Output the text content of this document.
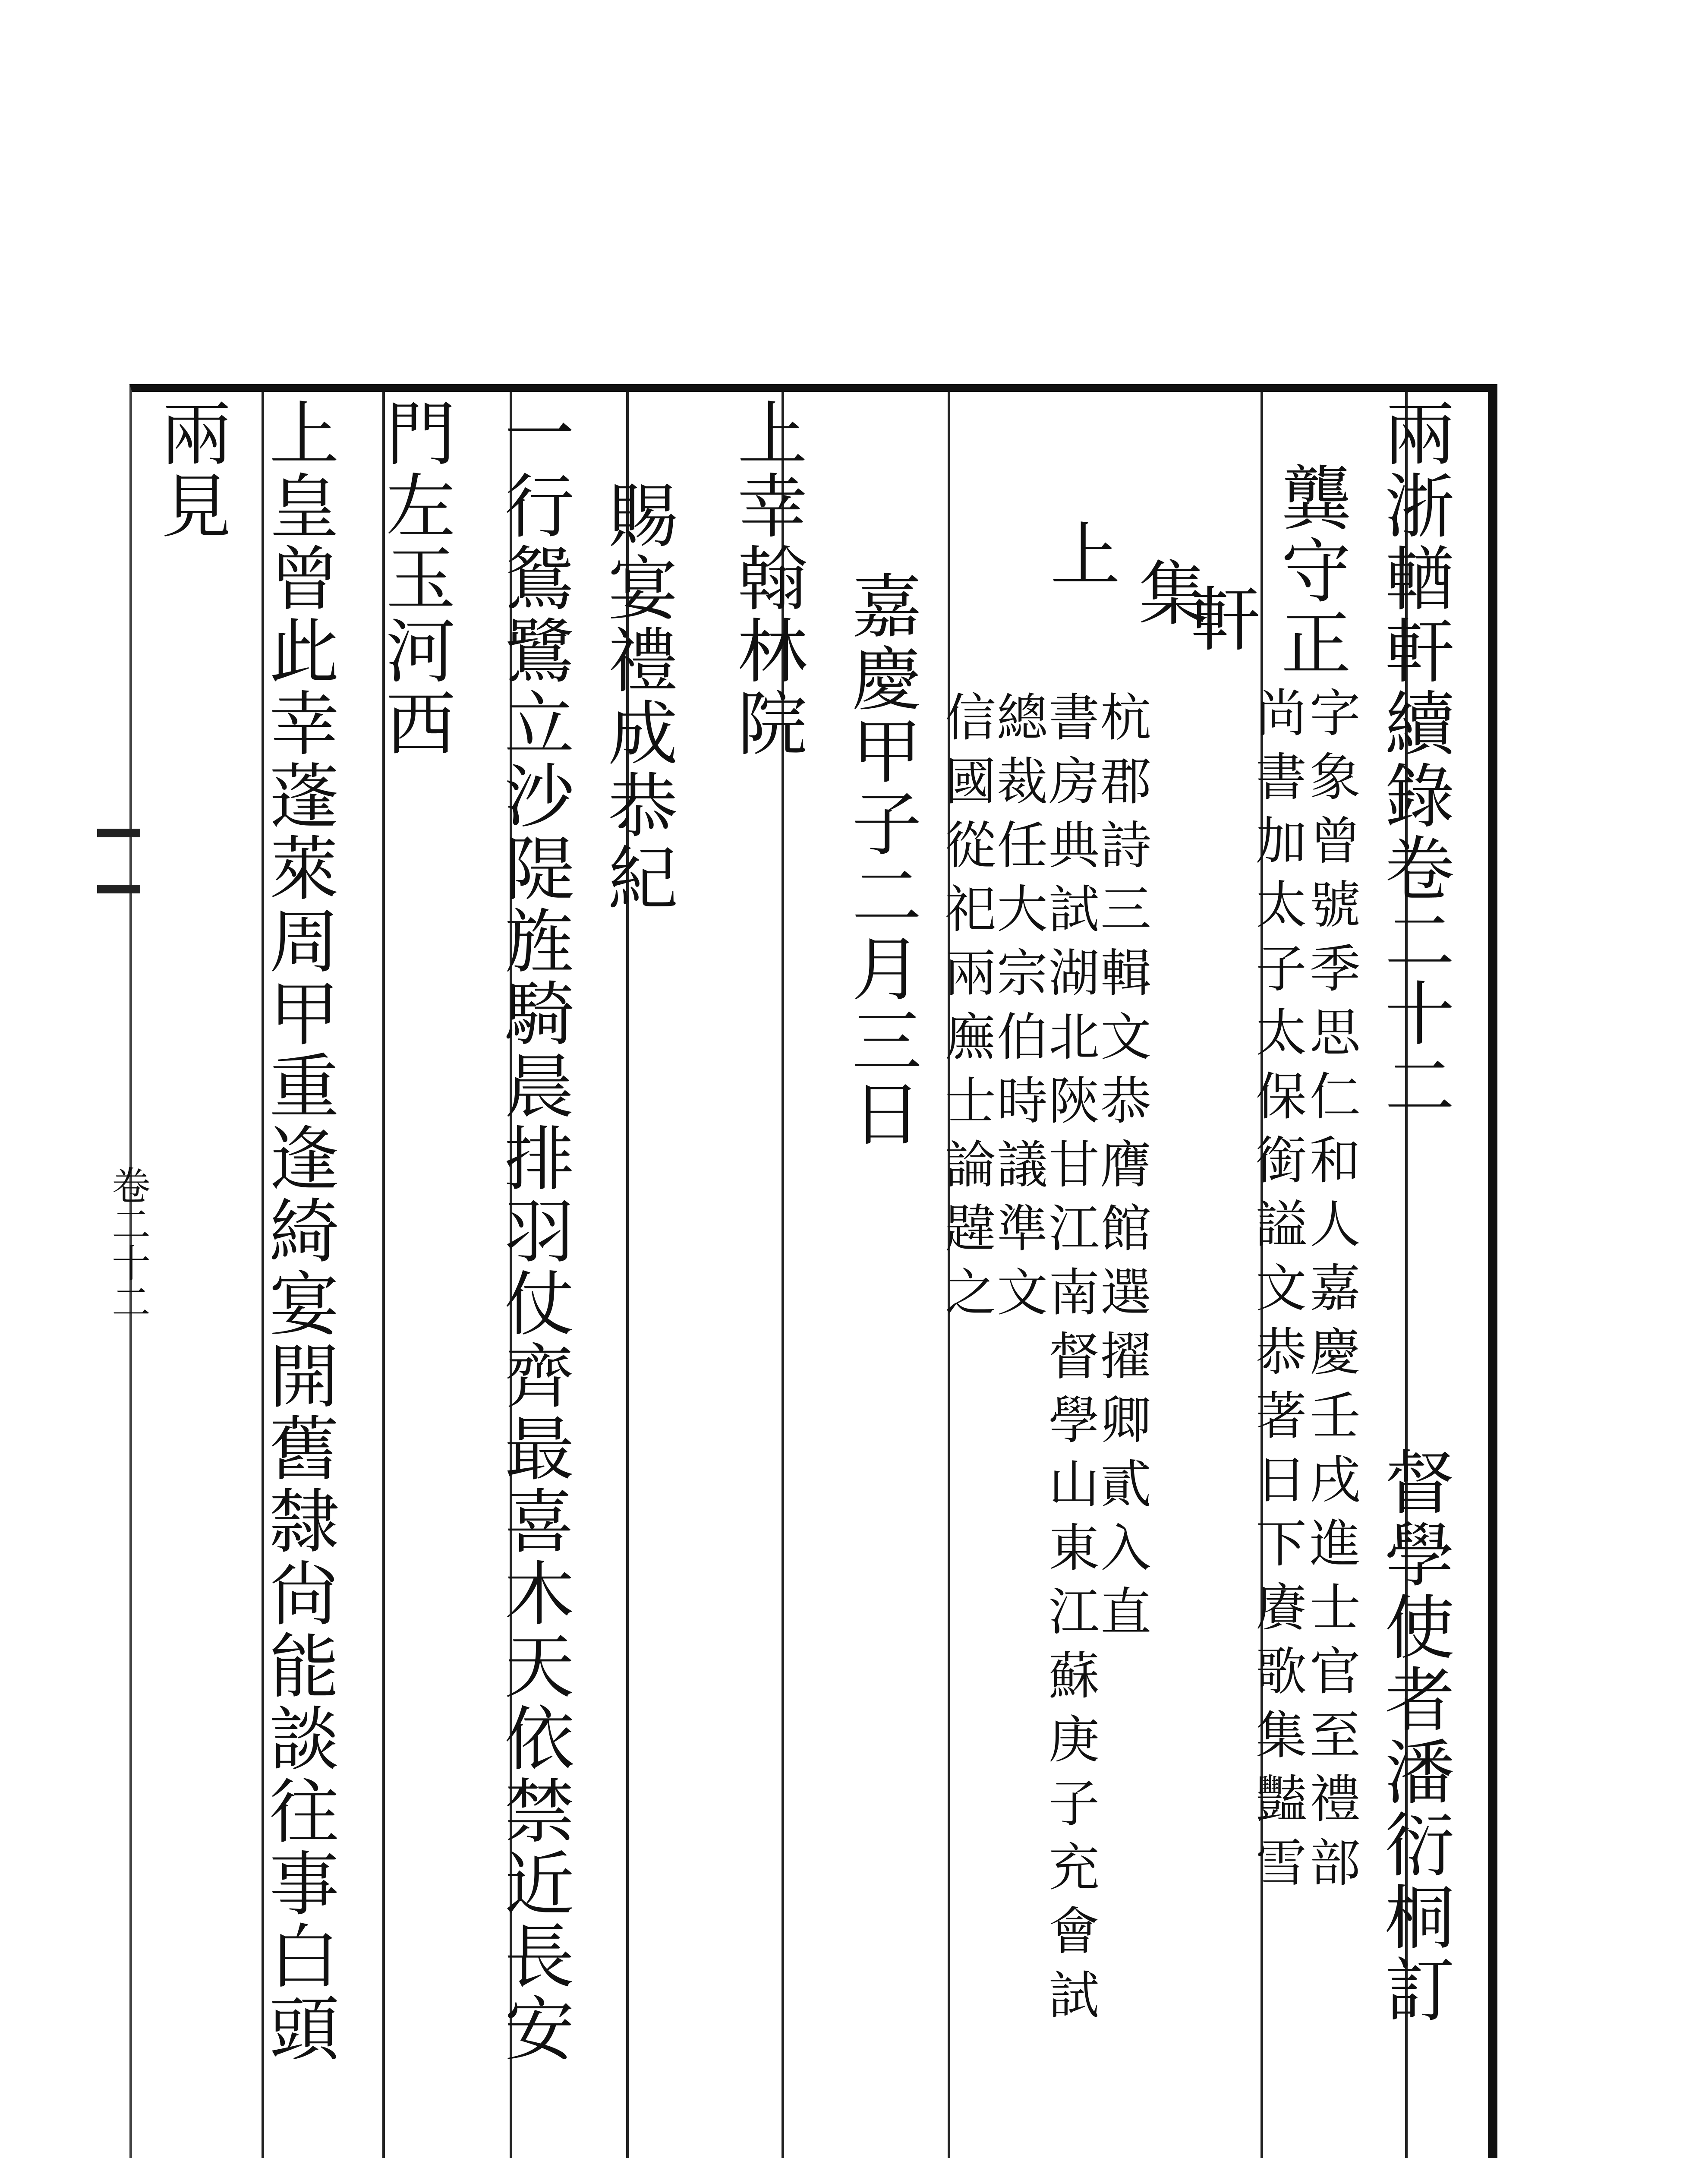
兩浙輶軒續錄卷二十二
督學使者潘衍桐訂
龔守正
字象曾號季思仁和人嘉慶壬戌進士官至禮部
尚書加太子太保銜謚文恭著日下賡歌集豔雪
軒
集
杭郡詩三輯文恭膺館選擢卿貳入直
上
書房典試湖北陝甘江南督學山東江蘇庚子充會試
總裁任大宗伯時議準文
信國從祀兩廡士論韙之
嘉慶甲子二月三日
上幸翰林院
賜宴禮成恭紀
一行鴛鷺立沙隄旌騎晨排羽仗齊最喜木天依禁近長安
門左玉河西
上皇曾此幸蓬萊周甲重逢綺宴開舊隸尙能談往事白頭
兩見
卷二十二
